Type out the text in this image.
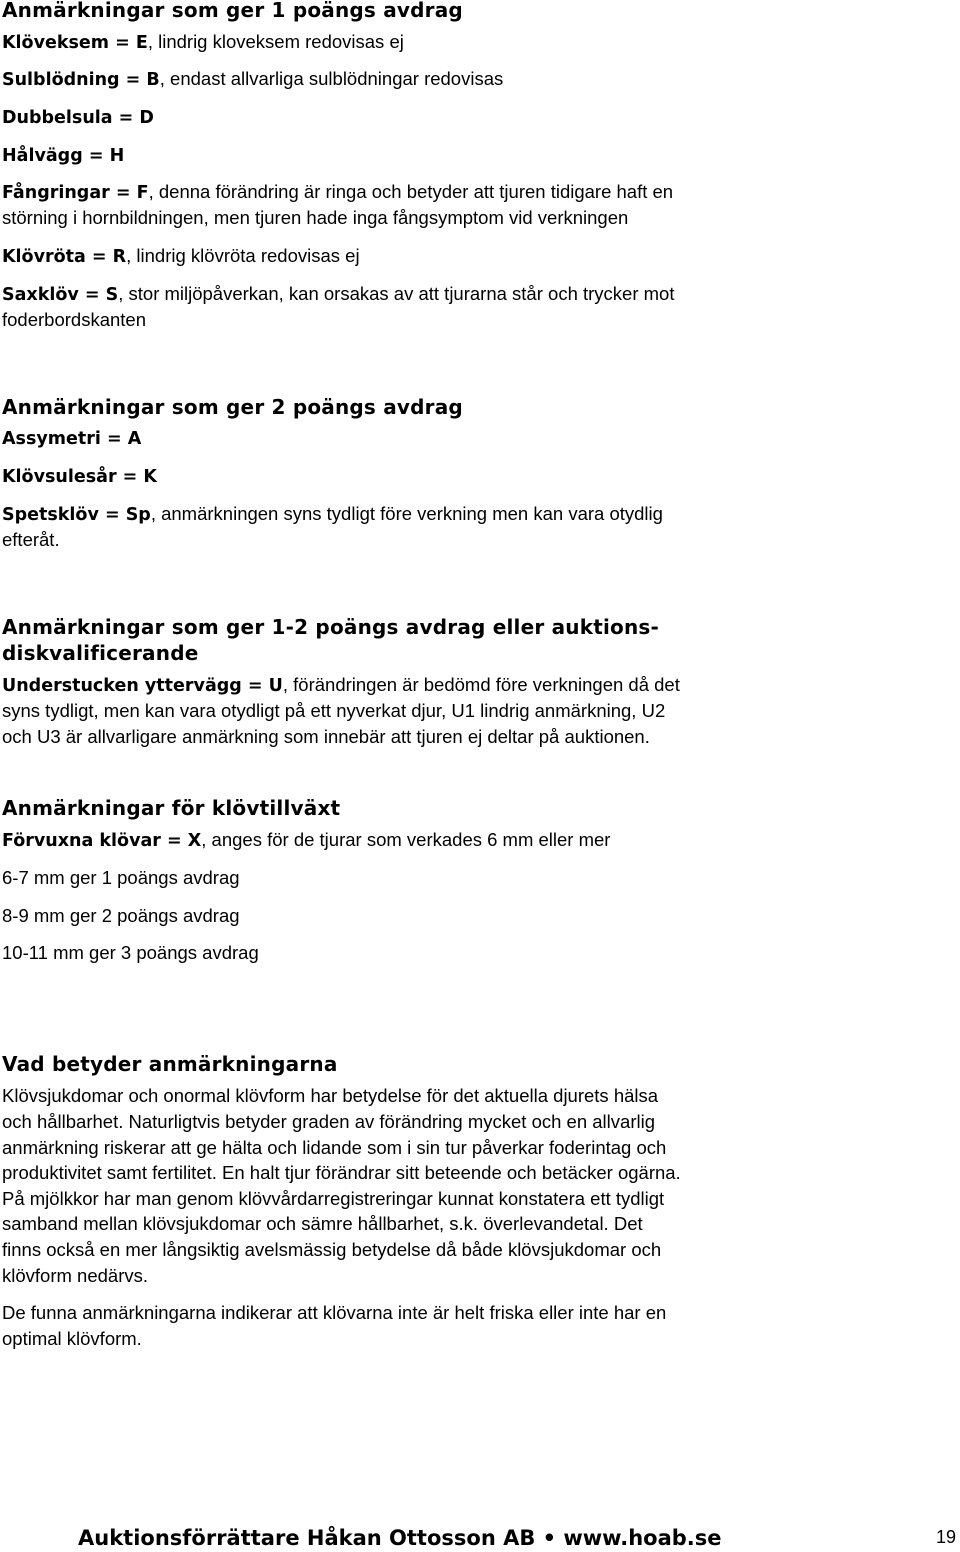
Anmärkningar som ger 1 poängs avdrag

Klöveksem = E, lindrig kloveksem redovisas ej

Sulblödning = B, endast allvarliga sulblödningar redovisas

Dubbelsula = D

Hålvägg = H

Fångringar = F, denna förändring är ringa och betyder att tjuren tidigare haft en

störning i hornbildningen, men tjuren hade inga fångsymptom vid verkningen

Klövröta = R, lindrig klövröta redovisas ej

Saxklöv = S, stor miljöpåverkan, kan orsakas av att tjurarna står och trycker mot

foderbordskanten

Anmärkningar som ger 2 poängs avdrag

Assymetri = A

Klövsulesår = K

Spetsklöv = Sp, anmärkningen syns tydligt före verkning men kan vara otydlig

efteråt.

Anmärkningar som ger 1-2 poängs avdrag eller auktions-
diskvalificerande

Understucken yttervägg = U, förändringen är bedömd före verkningen då det

syns tydligt, men kan vara otydligt på ett nyverkat djur, U1 lindrig anmärkning, U2

och U3 är allvarligare anmärkning som innebär att tjuren ej deltar på auktionen.

Anmärkningar för klövtillväxt

Förvuxna klövar = X, anges för de tjurar som verkades 6 mm eller mer

6-7 mm ger 1 poängs avdrag

8-9 mm ger 2 poängs avdrag

10-11 mm ger 3 poängs avdrag

Vad betyder anmärkningarna

Klövsjukdomar och onormal klövform har betydelse för det aktuella djurets hälsa

och hållbarhet. Naturligtvis betyder graden av förändring mycket och en allvarlig

anmärkning riskerar att ge hälta och lidande som i sin tur påverkar foderintag och

produktivitet samt fertilitet. En halt tjur förändrar sitt beteende och betäcker ogärna.

På mjölkkor har man genom klövvårdarregistreringar kunnat konstatera ett tydligt

samband mellan klövsjukdomar och sämre hållbarhet, s.k. överlevandetal. Det

finns också en mer långsiktig avelsmässig betydelse då både klövsjukdomar och

klövform nedärvs.

De funna anmärkningarna indikerar att klövarna inte är helt friska eller inte har en

optimal klövform.

Auktionsförrättare Håkan Ottosson AB • www.hoab.se	19
